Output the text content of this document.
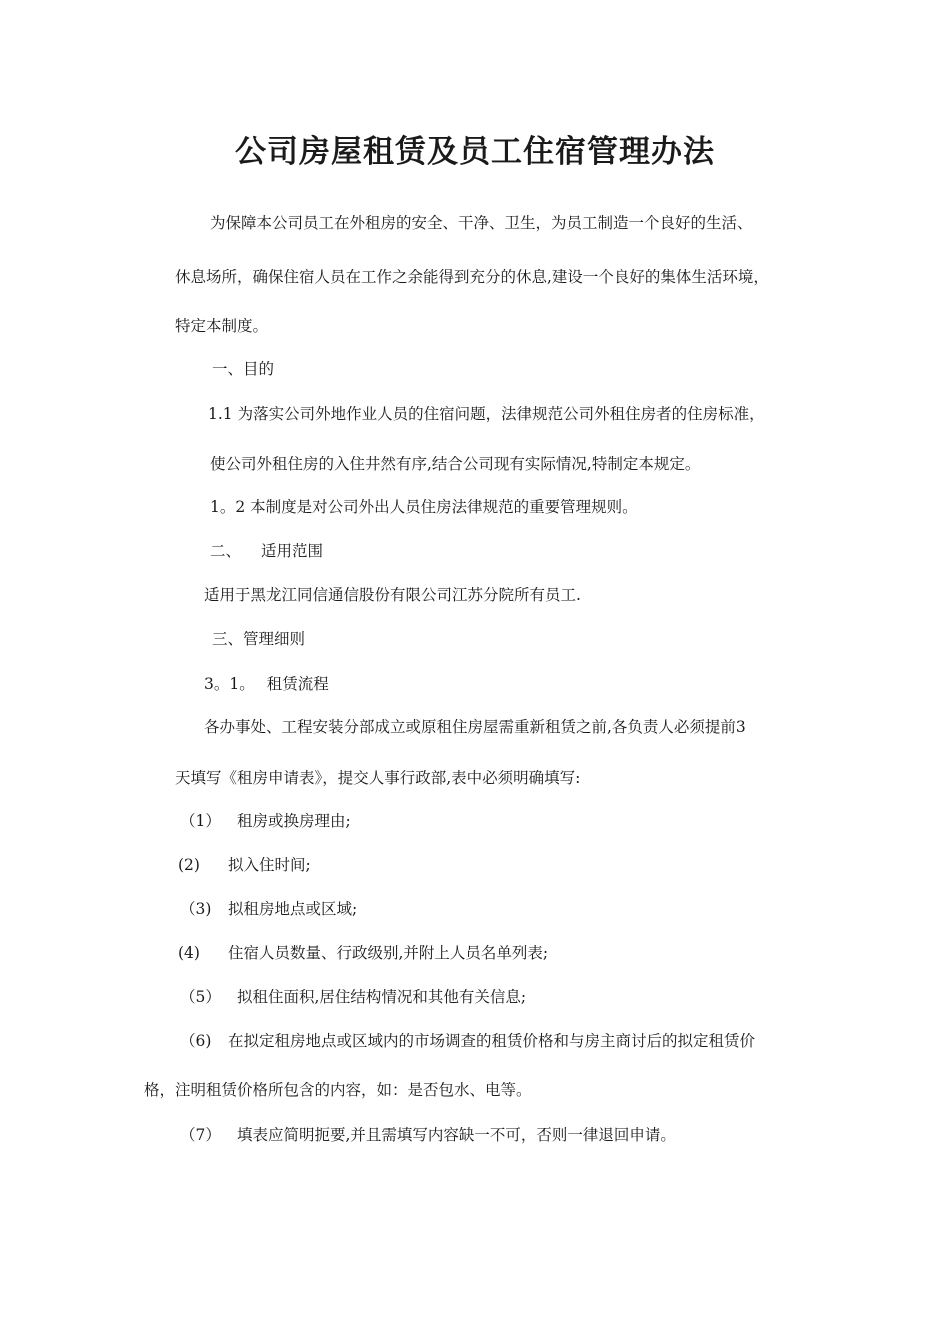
公司房屋租赁及员工住宿管理办法
为保障本公司员工在外租房的安全、干净、卫生，为员工制造一个良好的生活、
休息场所，确保住宿人员在工作之余能得到充分的休息,建设一个良好的集体生活环境，
特定本制度。
一、目的
1.1 为落实公司外地作业人员的住宿问题，法律规范公司外租住房者的住房标准，
使公司外租住房的入住井然有序,结合公司现有实际情况,特制定本规定。
1。2 本制度是对公司外出人员住房法律规范的重要管理规则。
二、 适用范围
适用于黑龙江同信通信股份有限公司江苏分院所有员工.
三、管理细则
3。1。 租赁流程
各办事处、工程安装分部成立或原租住房屋需重新租赁之前,各负责人必须提前3
天填写《租房申请表》，提交人事行政部,表中必须明确填写:
（1） 租房或换房理由;
(2) 拟入住时间;
（3) 拟租房地点或区域;
(4) 住宿人员数量、行政级别,并附上人员名单列表;
（5） 拟租住面积,居住结构情况和其他有关信息;
（6) 在拟定租房地点或区域内的市场调查的租赁价格和与房主商讨后的拟定租赁价
格，注明租赁价格所包含的内容，如：是否包水、电等。
（7） 填表应简明扼要,并且需填写内容缺一不可，否则一律退回申请。
